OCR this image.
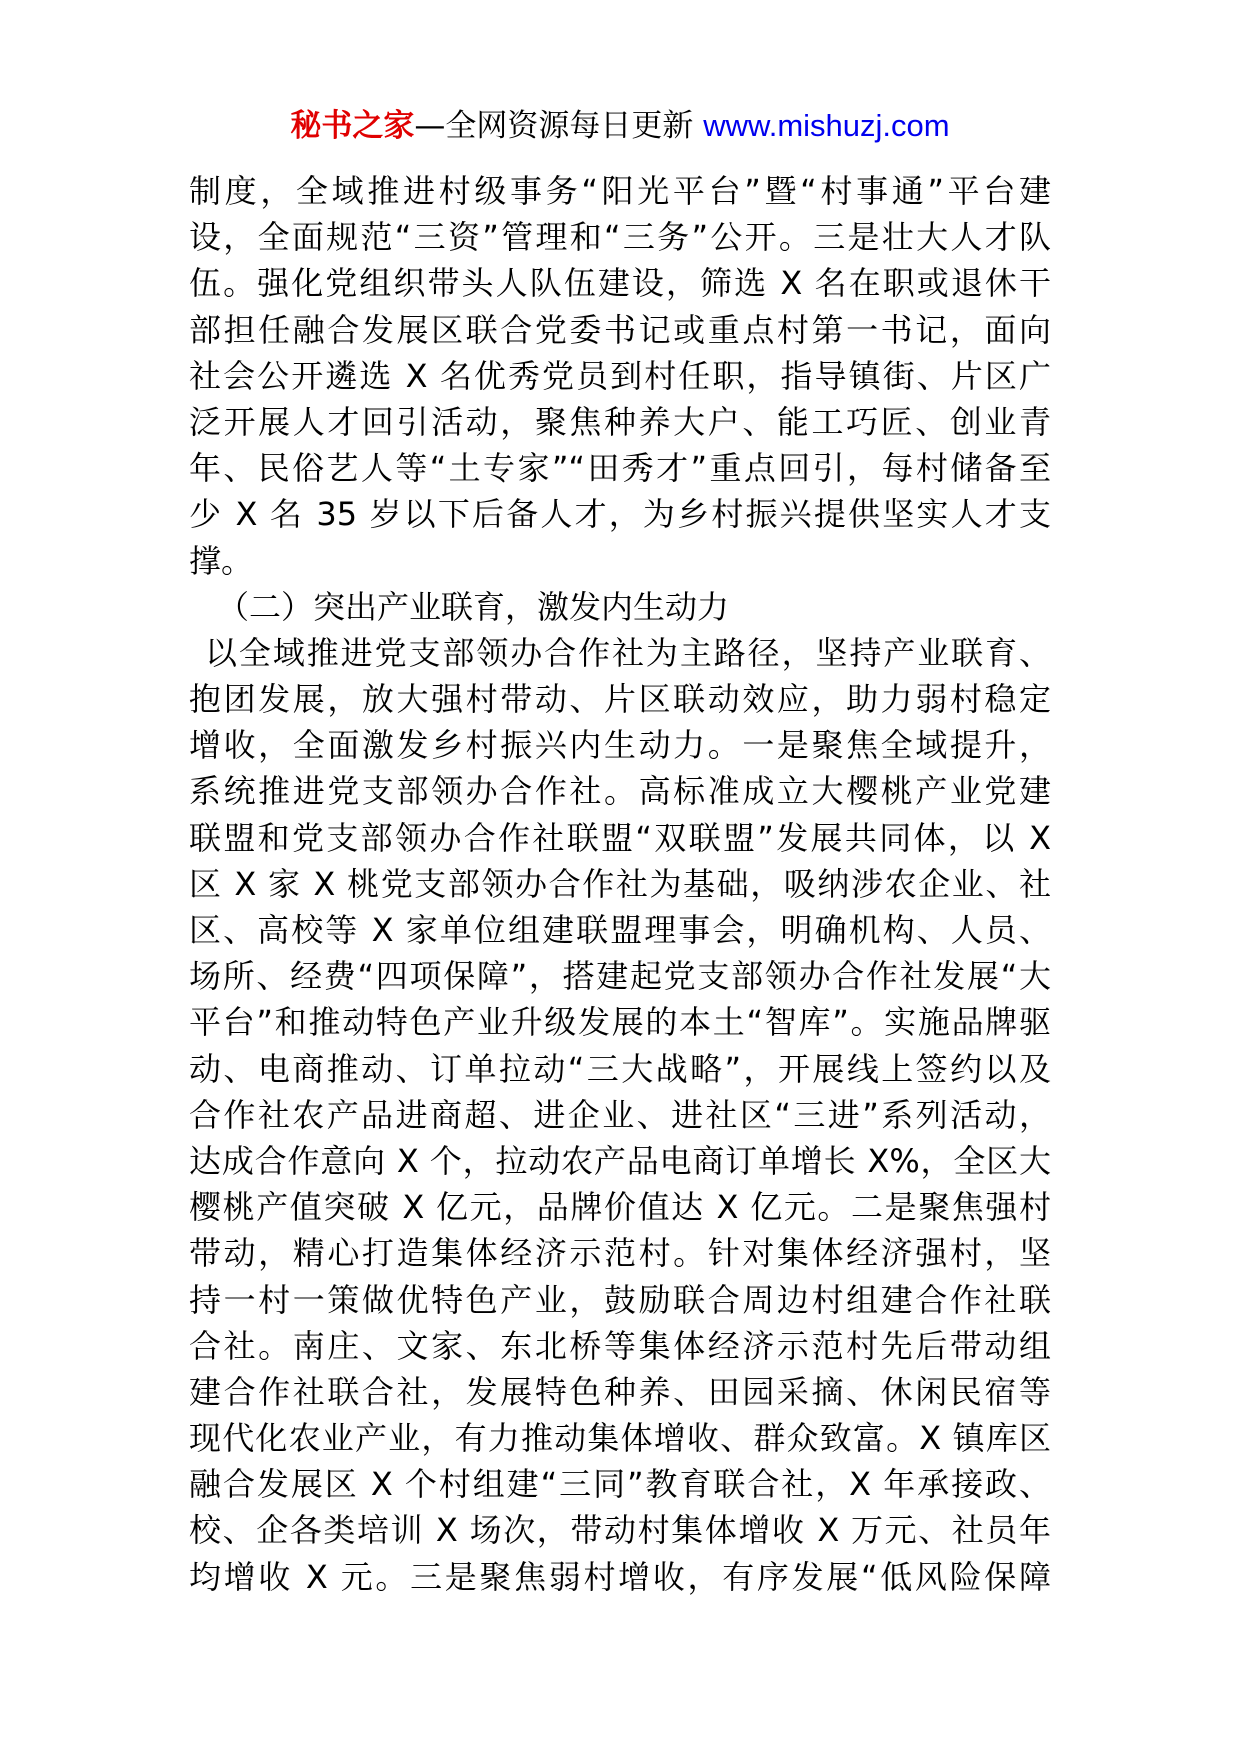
秘书之家—全网资源每日更新 www.mishuzj.com
制度，全域推进村级事务“阳光平台”暨“村事通”平台建
设，全面规范“三资”管理和“三务”公开。三是壮大人才队
伍。强化党组织带头人队伍建设，筛选 X 名在职或退休干
部担任融合发展区联合党委书记或重点村第一书记，面向
社会公开遴选 X 名优秀党员到村任职，指导镇街、片区广
泛开展人才回引活动，聚焦种养大户、能工巧匠、创业青
年、民俗艺人等“土专家”“田秀才”重点回引，每村储备至
少 X 名 35 岁以下后备人才，为乡村振兴提供坚实人才支
撑。
（二）突出产业联育，激发内生动力
以全域推进党支部领办合作社为主路径，坚持产业联育、
抱团发展，放大强村带动、片区联动效应，助力弱村稳定
增收，全面激发乡村振兴内生动力。一是聚焦全域提升，
系统推进党支部领办合作社。高标准成立大樱桃产业党建
联盟和党支部领办合作社联盟“双联盟”发展共同体，以 X
区 X 家 X 桃党支部领办合作社为基础，吸纳涉农企业、社
区、高校等 X 家单位组建联盟理事会，明确机构、人员、
场所、经费“四项保障”，搭建起党支部领办合作社发展“大
平台”和推动特色产业升级发展的本土“智库”。实施品牌驱
动、电商推动、订单拉动“三大战略”，开展线上签约以及
合作社农产品进商超、进企业、进社区“三进”系列活动，
达成合作意向 X 个，拉动农产品电商订单增长 X%，全区大
樱桃产值突破 X 亿元，品牌价值达 X 亿元。二是聚焦强村
带动，精心打造集体经济示范村。针对集体经济强村，坚
持一村一策做优特色产业，鼓励联合周边村组建合作社联
合社。南庄、文家、东北桥等集体经济示范村先后带动组
建合作社联合社，发展特色种养、田园采摘、休闲民宿等
现代化农业产业，有力推动集体增收、群众致富。X 镇库区
融合发展区 X 个村组建“三同”教育联合社，X 年承接政、
校、企各类培训 X 场次，带动村集体增收 X 万元、社员年
均增收 X 元。三是聚焦弱村增收，有序发展“低风险保障
